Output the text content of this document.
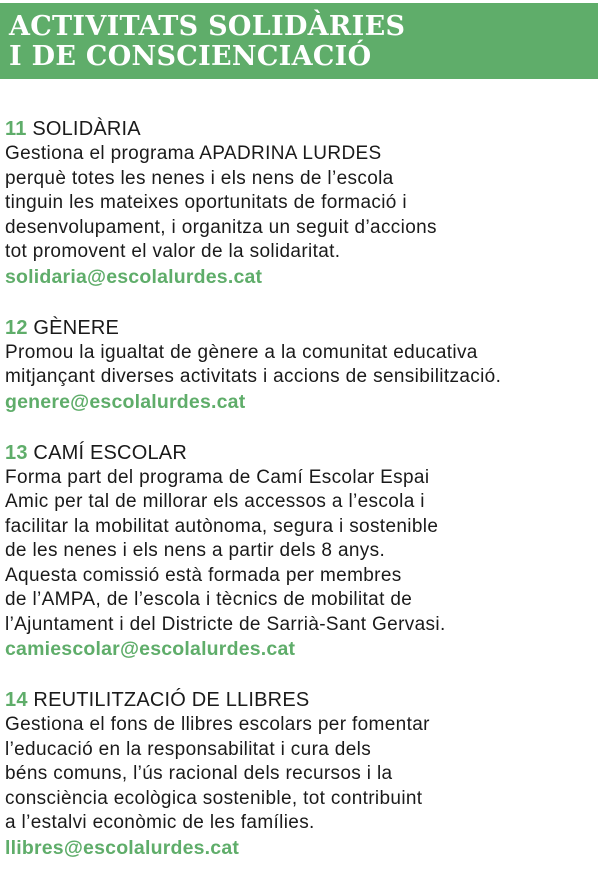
ACTIVITATS SOLIDÀRIES
I DE CONSCIENCIACIÓ
11 SOLIDÀRIA
Gestiona el programa APADRINA LURDES
perquè totes les nenes i els nens de l’escola
tinguin les mateixes oportunitats de formació i
desenvolupament, i organitza un seguit d’accions
tot promovent el valor de la solidaritat.
solidaria@escolalurdes.cat
12 GÈNERE
Promou la igualtat de gènere a la comunitat educativa
mitjançant diverses activitats i accions de sensibilització.
genere@escolalurdes.cat
13 CAMÍ ESCOLAR
Forma part del programa de Camí Escolar Espai
Amic per tal de millorar els accessos a l’escola i
facilitar la mobilitat autònoma, segura i sostenible
de les nenes i els nens a partir dels 8 anys.
Aquesta comissió està formada per membres
de l’AMPA, de l’escola i tècnics de mobilitat de
l’Ajuntament i del Districte de Sarrià-Sant Gervasi.
camiescolar@escolalurdes.cat
14 REUTILITZACIÓ DE LLIBRES
Gestiona el fons de llibres escolars per fomentar
l’educació en la responsabilitat i cura dels
béns comuns, l’ús racional dels recursos i la
consciència ecològica sostenible, tot contribuint
a l’estalvi econòmic de les famílies.
llibres@escolalurdes.cat
